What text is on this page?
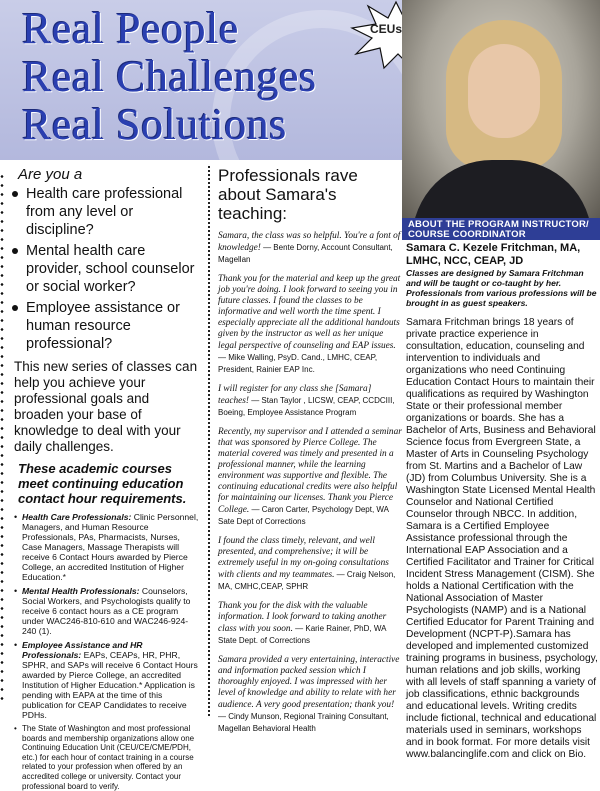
Real People
Real Challenges
Real Solutions
CEUs
ABOUT THE PROGRAM INSTRUCTOR/ COURSE COORDINATOR
Are you a
Health care professional from any level or discipline?
Mental health care provider, school counselor or social worker?
Employee assistance or human resource professional?
This new series of classes can help you achieve your professional goals and broaden your base of knowledge to deal with your daily challenges.
These academic courses meet continuing education contact hour requirements.
• Health Care Professionals: Clinic Personnel, Managers, and Human Resource Professionals, PAs, Pharmacists, Nurses, Case Managers, Massage Therapists will receive 6 Contact Hours awarded by Pierce College, an accredited Institution of Higher Education.*
• Mental Health Professionals: Counselors, Social Workers, and Psychologists qualify to receive 6 contact hours as a CE program under WAC246-810-610 and WAC246-924-240 (1).
• Employee Assistance and HR Professionals: EAPs, CEAPs, HR, PHR, SPHR, and SAPs will receive 6 Contact Hours awarded by Pierce College, an accredited Institution of Higher Education.* Application is pending with EAPA at the time of this publication for CEAP Candidates to receive PDHs.
• The State of Washington and most professional boards and membership organizations allow one Continuing Education Unit (CEU/CE/CME/PDH, etc.) for each hour of contact training in a course related to your profession when offered by an accredited college or university. Contact your professional board to verify.
Professionals rave about Samara's teaching:

Samara, the class was so helpful. You're a font of knowledge! — Bente Dorny, Account Consultant, Magellan

Thank you for the material and keep up the great job you're doing. I look forward to seeing you in future classes. I found the classes to be informative and well worth the time spent. I especially appreciate all the additional handouts given by the instructor as well as her unique legal perspective of counseling and EAP issues. — Mike Walling, PsyD. Cand., LMHC, CEAP, President, Rainier EAP Inc.

I will register for any class she [Samara] teaches! — Stan Taylor , LICSW, CEAP, CCDCIII, Boeing, Employee Assistance Program

Recently, my supervisor and I attended a seminar that was sponsored by Pierce College. The material covered was timely and presented in a professional manner, while the learning environment was supportive and flexible. The continuing educational credits were also helpful for maintaining our licenses. Thank you Pierce College. — Caron Carter, Psychology Dept, WA Sate Dept of Corrections

I found the class timely, relevant, and well presented, and comprehensive; it will be extremely useful in my on-going consultations with clients and my teammates. — Craig Nelson, MA, CMHC,CEAP, SPHR

Thank you for the disk with the valuable information. I look forward to taking another class with you soon. — Karie Rainer, PhD, WA State Dept. of Corrections

Samara provided a very entertaining, interactive and information packed session which I thoroughly enjoyed. I was impressed with her level of knowledge and ability to relate with her audience. A very good presentation; thank you! — Cindy Munson, Regional Training Consultant, Magellan Behavioral Health

Samara C. Kezele Fritchman, MA, LMHC, NCC, CEAP, JD
Classes are designed by Samara Fritchman and will be taught or co-taught by her. Professionals from various professions will be brought in as guest speakers.
Samara Fritchman brings 18 years of private practice experience in consultation, education, counseling and intervention to individuals and organizations who need Continuing Education Contact Hours to maintain their qualifications as required by Washington State or their professional member organizations or boards. She has a Bachelor of Arts, Business and Behavioral Science focus from Evergreen State, a Master of Arts in Counseling Psychology from St. Martins and a Bachelor of Law (JD) from Columbus University. She is a Washington State Licensed Mental Health Counselor and National Certified Counselor through NBCC. In addition, Samara is a Certified Employee Assistance professional through the International EAP Association and a Certified Facilitator and Trainer for Critical Incident Stress Management (CISM). She holds a National Certification with the National Association of Master Psychologists (NAMP) and is a National Certified Educator for Parent Training and Development (NCPT-P).Samara has developed and implemented customized training programs in business, psychology, human relations and job skills, working with all levels of staff spanning a variety of job classifications, ethnic backgrounds and educational levels. Writing credits include fictional, technical and educational materials used in seminars, workshops and in book format. For more details visit www.balancinglife.com and click on Bio.
